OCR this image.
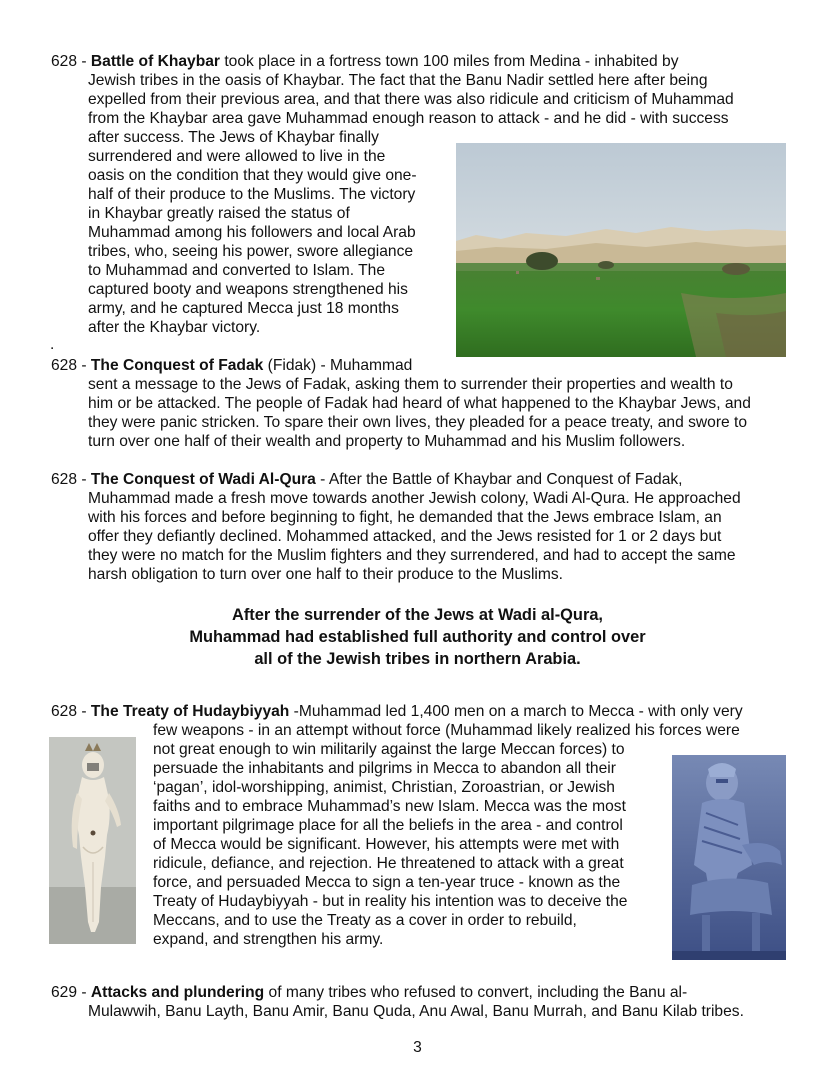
628 - Battle of Khaybar took place in a fortress town 100 miles from Medina - inhabited by
Jewish tribes in the oasis of Khaybar. The fact that the Banu Nadir settled here after being
expelled from their previous area, and that there was also ridicule and criticism of Muhammad
from the Khaybar area gave Muhammad enough reason to attack - and he did - with success
after success. The Jews of Khaybar finally
surrendered and were allowed to live in the
oasis on the condition that they would give one-
half of their produce to the Muslims. The victory
in Khaybar greatly raised the status of
Muhammad among his followers and local Arab
tribes, who, seeing his power, swore allegiance
to Muhammad and converted to Islam. The
captured booty and weapons strengthened his
army, and he captured Mecca just 18 months
after the Khaybar victory.
.
628 - The Conquest of Fadak (Fidak) - Muhammad
sent a message to the Jews of Fadak, asking them to surrender their properties and wealth to
him or be attacked. The people of Fadak had heard of what happened to the Khaybar Jews, and
they were panic stricken. To spare their own lives, they pleaded for a peace treaty, and swore to
turn over one half of their wealth and property to Muhammad and his Muslim followers.
628 - The Conquest of Wadi Al-Qura - After the Battle of Khaybar and Conquest of Fadak,
Muhammad made a fresh move towards another Jewish colony, Wadi Al-Qura. He approached
with his forces and before beginning to fight, he demanded that the Jews embrace Islam, an
offer they defiantly declined. Mohammed attacked, and the Jews resisted for 1 or 2 days but
they were no match for the Muslim fighters and they surrendered, and had to accept the same
harsh obligation to turn over one half to their produce to the Muslims.
After the surrender of the Jews at Wadi al-Qura,
Muhammad had established full authority and control over
all of the Jewish tribes in northern Arabia.
628 - The Treaty of Hudaybiyyah -Muhammad led 1,400 men on a march to Mecca - with only very
few weapons - in an attempt without force (Muhammad likely realized his forces were
not great enough to win militarily against the large Meccan forces) to
persuade the inhabitants and pilgrims in Mecca to abandon all their
‘pagan’, idol-worshipping, animist, Christian, Zoroastrian, or Jewish
faiths and to embrace Muhammad’s new Islam. Mecca was the most
important pilgrimage place for all the beliefs in the area - and control
of Mecca would be significant. However, his attempts were met with
ridicule, defiance, and rejection. He threatened to attack with a great
force, and persuaded Mecca to sign a ten-year truce - known as the
Treaty of Hudaybiyyah - but in reality his intention was to deceive the
Meccans, and to use the Treaty as a cover in order to rebuild,
expand, and strengthen his army.
629 - Attacks and plundering of many tribes who refused to convert, including the Banu al-
Mulawwih, Banu Layth, Banu Amir, Banu Quda, Anu Awal, Banu Murrah, and Banu Kilab tribes.
3
